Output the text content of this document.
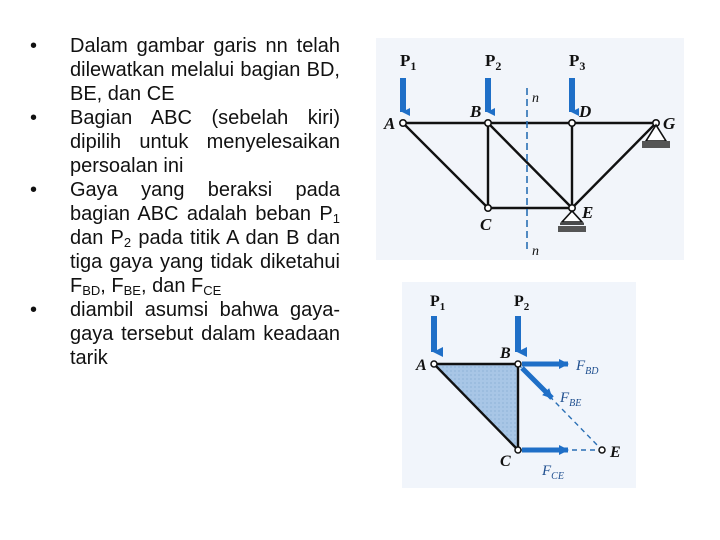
• Dalam gambar garis nn telah dilewatkan melalui bagian BD, BE, dan CE
• Bagian ABC (sebelah kiri) dipilih untuk menyelesaikan persoalan ini
• Gaya yang beraksi pada bagian ABC adalah beban $P_1$ dan $P_2$ pada titik A dan B dan tiga gaya yang tidak diketahui $F_{BD}$, $F_{BE}$, dan $F_{CE}$
• diambil asumsi bahwa gaya-gaya tersebut dalam keadaan tarik
$P_1$	$P_2$	$P_3$
A
B	D
G
C
E
n
n
$P_1$	$P_2$
A
B
C
E
$F_{BD}$
$F_{BE}$
$F_{CE}$
